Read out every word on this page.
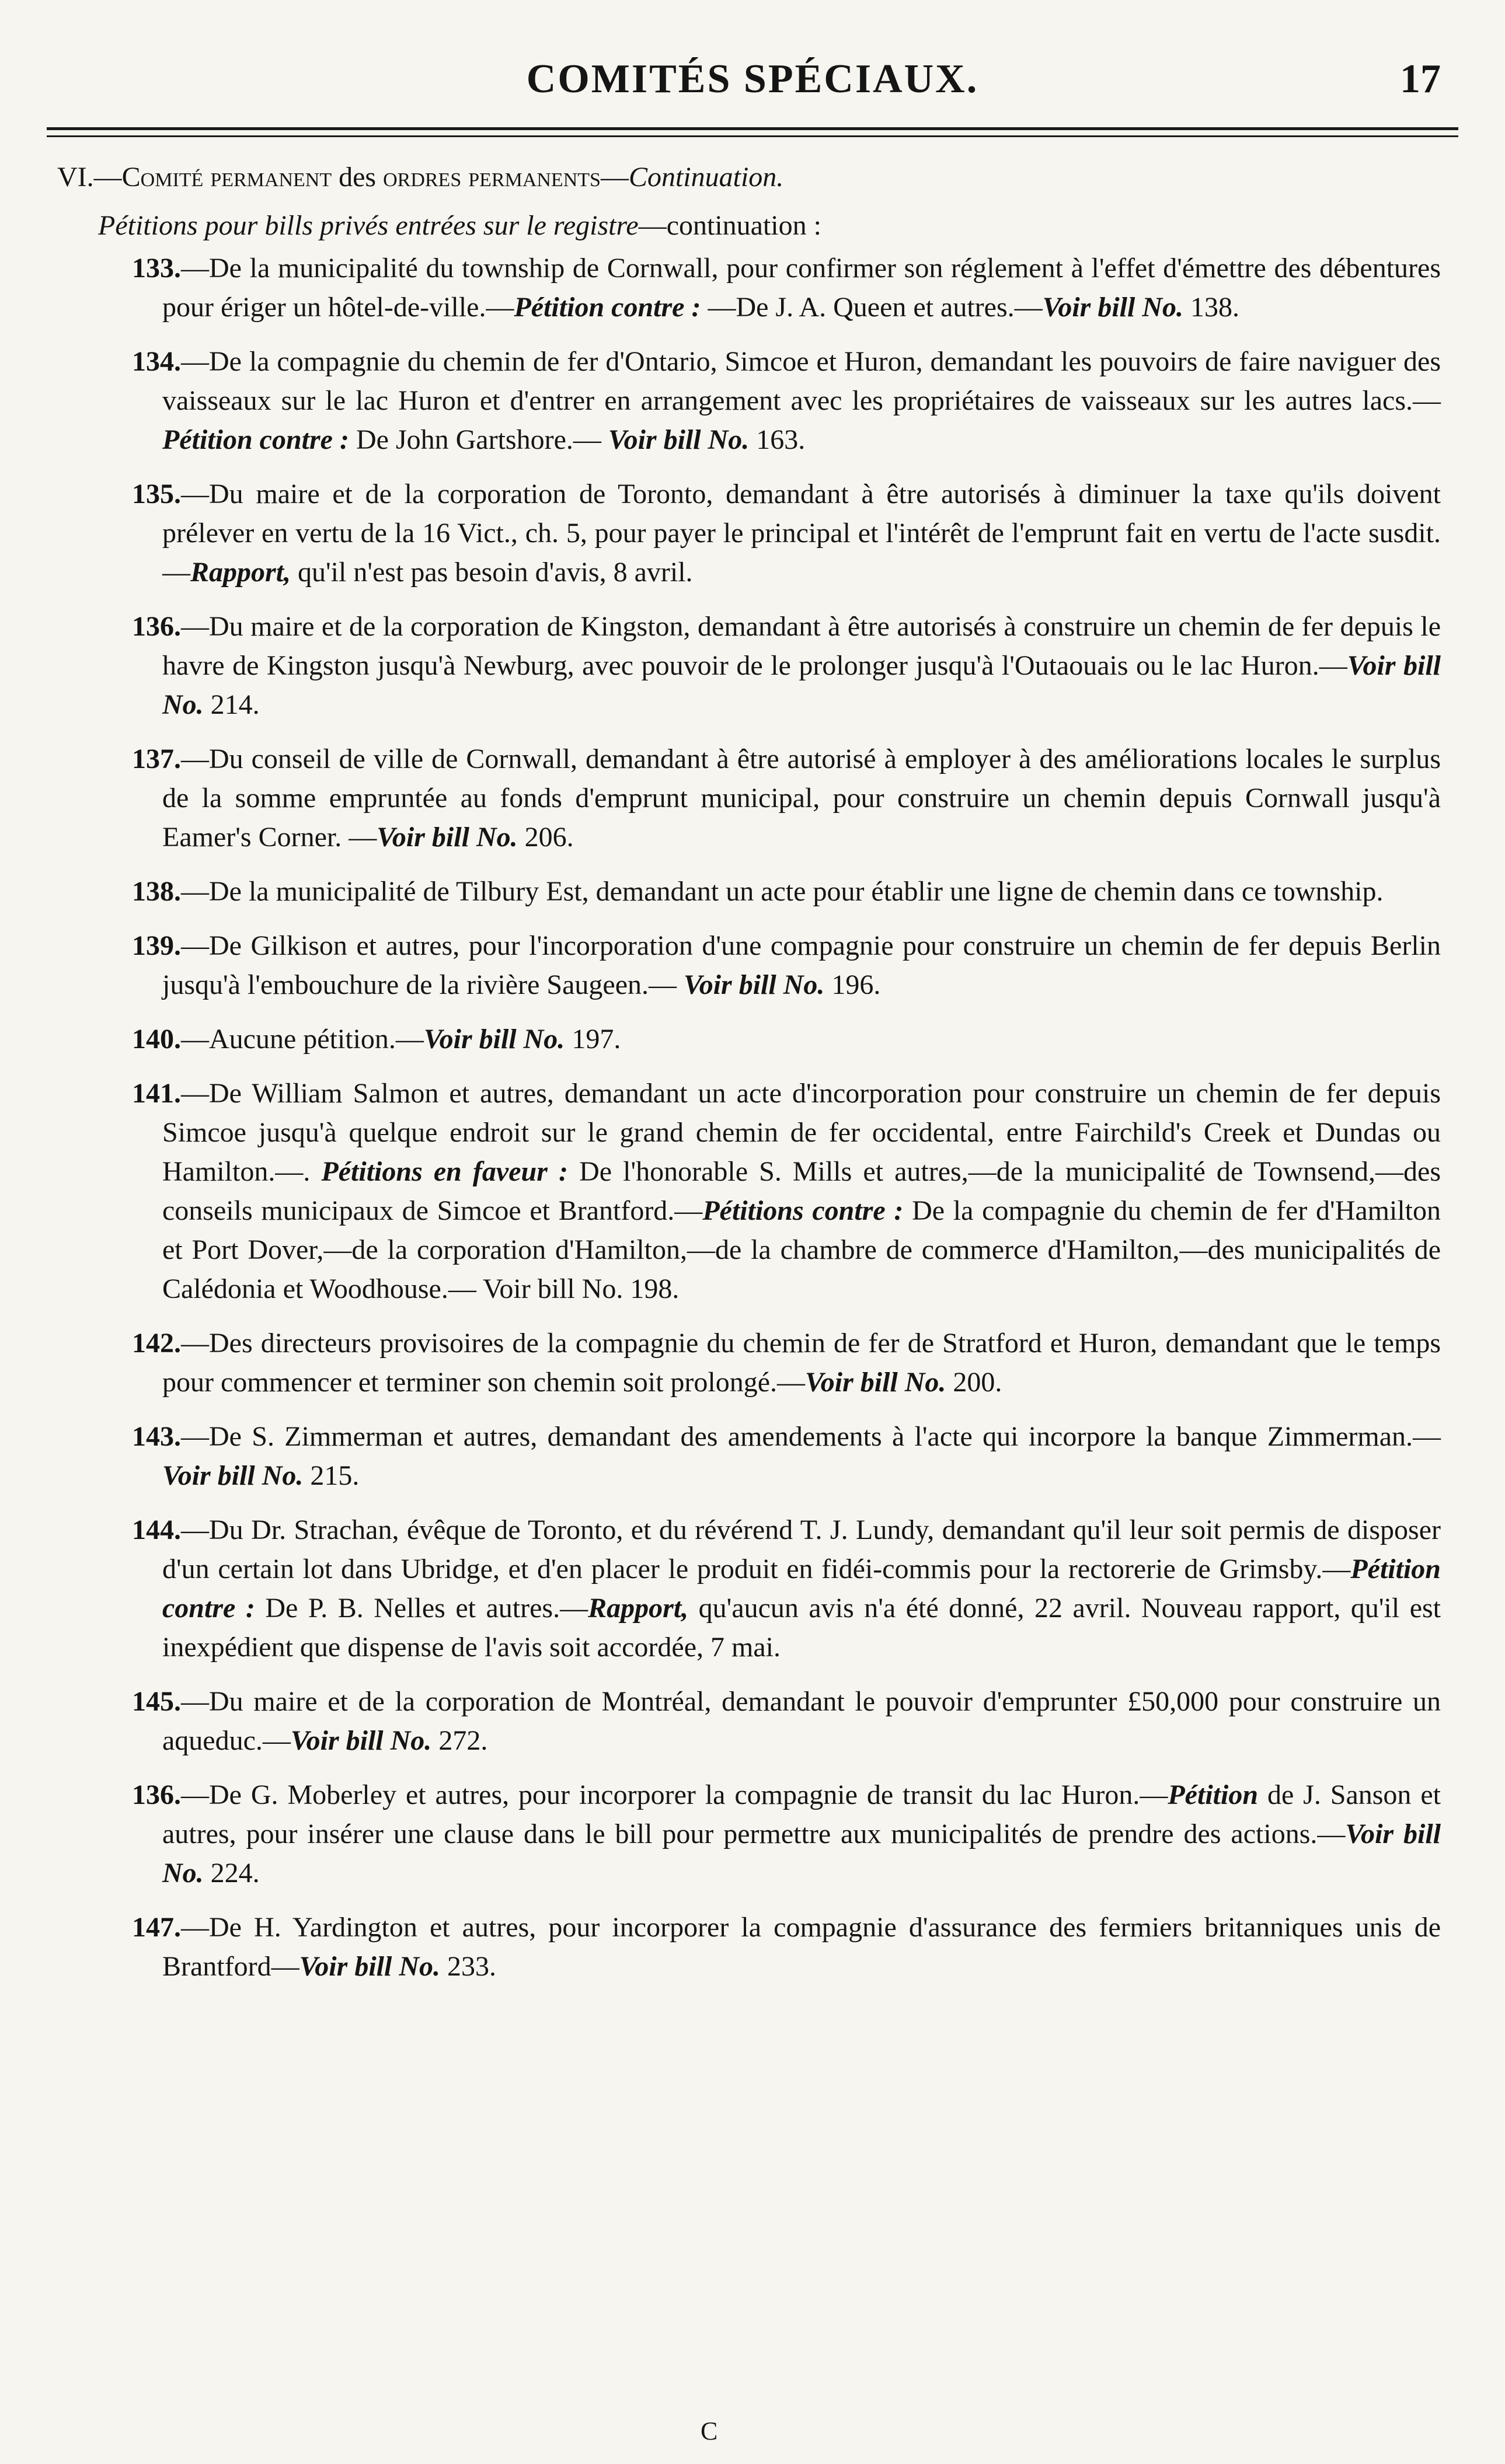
COMITÉS SPÉCIAUX.	17

VI.—Comité permanent des ordres permanents—Continuation.

Pétitions pour bills privés entrées sur le registre—continuation :

133.—De la municipalité du township de Cornwall, pour confirmer son réglement à l'effet d'émettre des débentures pour ériger un hôtel-de-ville.—Pétition contre : —De J. A. Queen et autres.—Voir bill No. 138.

134.—De la compagnie du chemin de fer d'Ontario, Simcoe et Huron, demandant les pouvoirs de faire naviguer des vaisseaux sur le lac Huron et d'entrer en arrangement avec les propriétaires de vaisseaux sur les autres lacs.—Pétition contre : De John Gartshore.— Voir bill No. 163.

135.—Du maire et de la corporation de Toronto, demandant à être autorisés à diminuer la taxe qu'ils doivent prélever en vertu de la 16 Vict., ch. 5, pour payer le principal et l'intérêt de l'emprunt fait en vertu de l'acte susdit.—Rapport, qu'il n'est pas besoin d'avis, 8 avril.

136.—Du maire et de la corporation de Kingston, demandant à être autorisés à construire un chemin de fer depuis le havre de Kingston jusqu'à Newburg, avec pouvoir de le prolonger jusqu'à l'Outaouais ou le lac Huron.—Voir bill No. 214.

137.—Du conseil de ville de Cornwall, demandant à être autorisé à employer à des améliorations locales le surplus de la somme empruntée au fonds d'emprunt municipal, pour construire un chemin depuis Cornwall jusqu'à Eamer's Corner. —Voir bill No. 206.

138.—De la municipalité de Tilbury Est, demandant un acte pour établir une ligne de chemin dans ce township.

139.—De Gilkison et autres, pour l'incorporation d'une compagnie pour construire un chemin de fer depuis Berlin jusqu'à l'embouchure de la rivière Saugeen.— Voir bill No. 196.

140.—Aucune pétition.—Voir bill No. 197.

141.—De William Salmon et autres, demandant un acte d'incorporation pour construire un chemin de fer depuis Simcoe jusqu'à quelque endroit sur le grand chemin de fer occidental, entre Fairchild's Creek et Dundas ou Hamilton.—. Pétitions en faveur : De l'honorable S. Mills et autres,—de la municipalité de Townsend,—des conseils municipaux de Simcoe et Brantford.—Pétitions contre : De la compagnie du chemin de fer d'Hamilton et Port Dover,—de la corporation d'Hamilton,—de la chambre de commerce d'Hamilton,—des municipalités de Calédonia et Woodhouse.— Voir bill No. 198.

142.—Des directeurs provisoires de la compagnie du chemin de fer de Stratford et Huron, demandant que le temps pour commencer et terminer son chemin soit prolongé.—Voir bill No. 200.

143.—De S. Zimmerman et autres, demandant des amendements à l'acte qui incorpore la banque Zimmerman.— Voir bill No. 215.

144.—Du Dr. Strachan, évêque de Toronto, et du révérend T. J. Lundy, demandant qu'il leur soit permis de disposer d'un certain lot dans Ubridge, et d'en placer le produit en fidéi-commis pour la rectorerie de Grimsby.—Pétition contre : De P. B. Nelles et autres.—Rapport, qu'aucun avis n'a été donné, 22 avril. Nouveau rapport, qu'il est inexpédient que dispense de l'avis soit accordée, 7 mai.

145.—Du maire et de la corporation de Montréal, demandant le pouvoir d'emprunter £50,000 pour construire un aqueduc.—Voir bill No. 272.

136.—De G. Moberley et autres, pour incorporer la compagnie de transit du lac Huron.—Pétition de J. Sanson et autres, pour insérer une clause dans le bill pour permettre aux municipalités de prendre des actions.—Voir bill No. 224.

147.—De H. Yardington et autres, pour incorporer la compagnie d'assurance des fermiers britanniques unis de Brantford—Voir bill No. 233.

C
